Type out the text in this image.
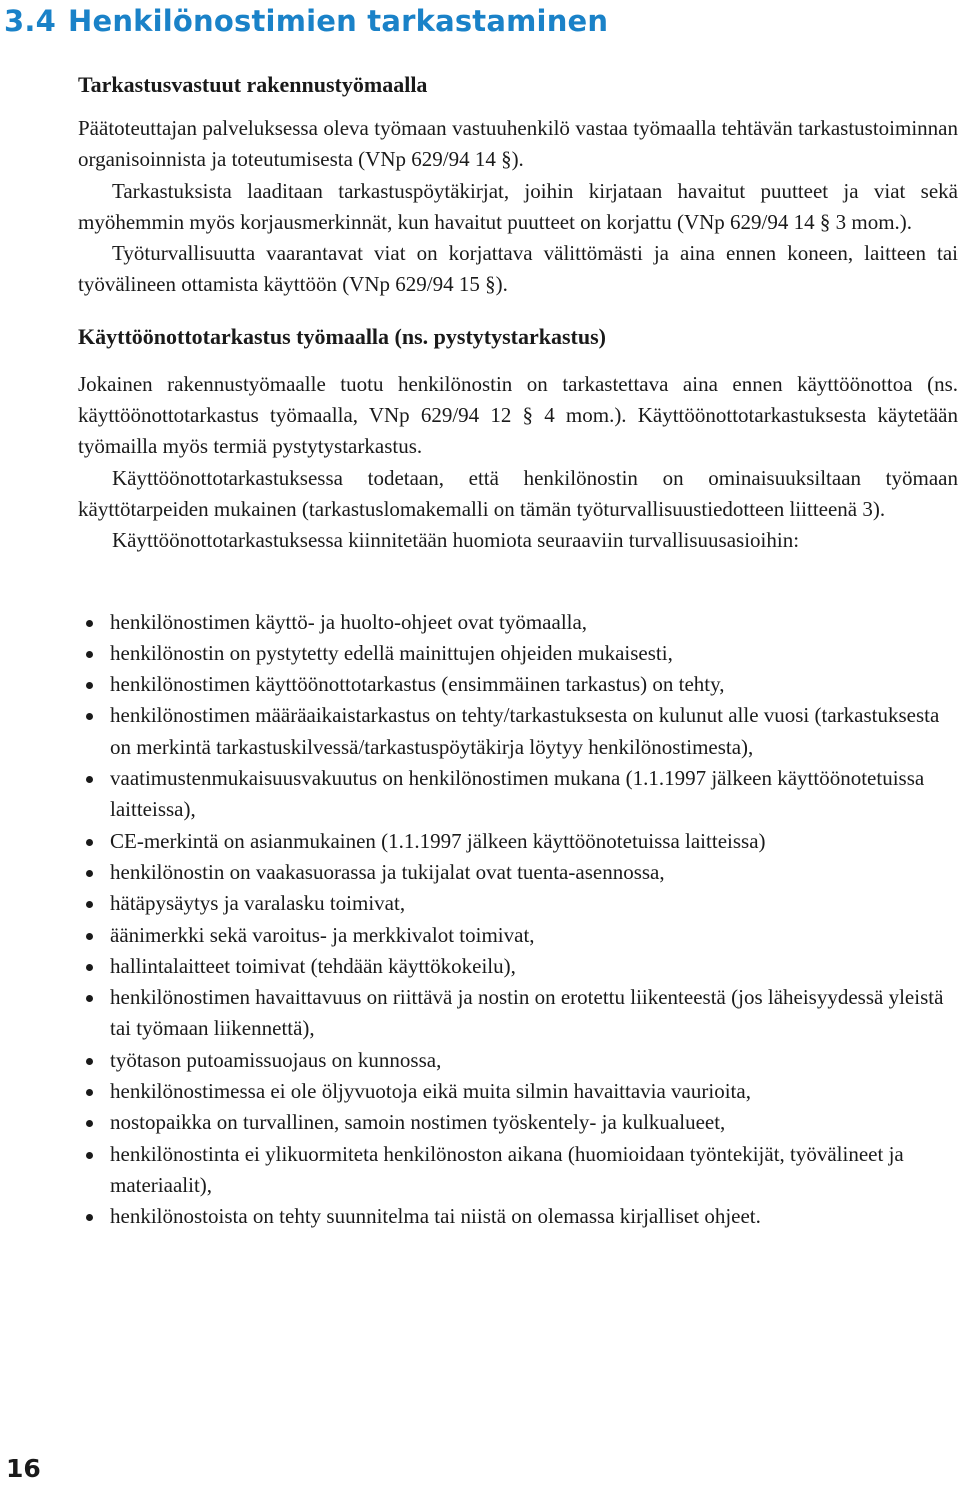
3.4 Henkilönostimien tarkastaminen
Tarkastusvastuut rakennustyömaalla

Päätoteuttajan palveluksessa oleva työmaan vastuuhenkilö vastaa työmaalla tehtävän tarkastustoiminnan organisoinnista ja toteutumisesta (VNp 629/94 14 §).

Tarkastuksista laaditaan tarkastuspöytäkirjat, joihin kirjataan havaitut puutteet ja viat sekä myöhemmin myös korjausmerkinnät, kun havaitut puutteet on korjattu (VNp 629/94 14 § 3 mom.).

Työturvallisuutta vaarantavat viat on korjattava välittömästi ja aina ennen koneen, laitteen tai työvälineen ottamista käyttöön (VNp 629/94 15 §).

Käyttöönottotarkastus työmaalla (ns. pystytystarkastus)

Jokainen rakennustyömaalle tuotu henkilönostin on tarkastettava aina ennen käyttöönottoa (ns. käyttöönottotarkastus työmaalla, VNp 629/94 12 § 4 mom.). Käyttöönottotarkastuksesta käytetään työmailla myös termiä pystytystarkastus.

Käyttöönottotarkastuksessa todetaan, että henkilönostin on ominaisuuksiltaan työmaan käyttötarpeiden mukainen (tarkastuslomakemalli on tämän työturvallisuustiedotteen liitteenä 3).

Käyttöönottotarkastuksessa kiinnitetään huomiota seuraaviin turvallisuusasioihin:

henkilönostimen käyttö- ja huolto-ohjeet ovat työmaalla,
henkilönostin on pystytetty edellä mainittujen ohjeiden mukaisesti,
henkilönostimen käyttöönottotarkastus (ensimmäinen tarkastus) on tehty,
henkilönostimen määräaikaistarkastus on tehty/tarkastuksesta on kulunut alle vuosi (tarkastuksesta on merkintä tarkastuskilvessä/tarkastuspöytäkirja löytyy henkilönostimesta),
vaatimustenmukaisuusvakuutus on henkilönostimen mukana (1.1.1997 jälkeen käyttöönotetuissa laitteissa),
CE-merkintä on asianmukainen (1.1.1997 jälkeen käyttöönotetuissa laitteissa)
henkilönostin on vaakasuorassa ja tukijalat ovat tuenta-asennossa,
hätäpysäytys ja varalasku toimivat,
äänimerkki sekä varoitus- ja merkkivalot toimivat,
hallintalaitteet toimivat (tehdään käyttökokeilu),
henkilönostimen havaittavuus on riittävä ja nostin on erotettu liikenteestä (jos läheisyydessä yleistä tai työmaan liikennettä),
työtason putoamissuojaus on kunnossa,
henkilönostimessa ei ole öljyvuotoja eikä muita silmin havaittavia vaurioita,
nostopaikka on turvallinen, samoin nostimen työskentely- ja kulkualueet,
henkilönostinta ei ylikuormiteta henkilönoston aikana (huomioidaan työntekijät, työvälineet ja materiaalit),
henkilönostoista on tehty suunnitelma tai niistä on olemassa kirjalliset ohjeet.
16
